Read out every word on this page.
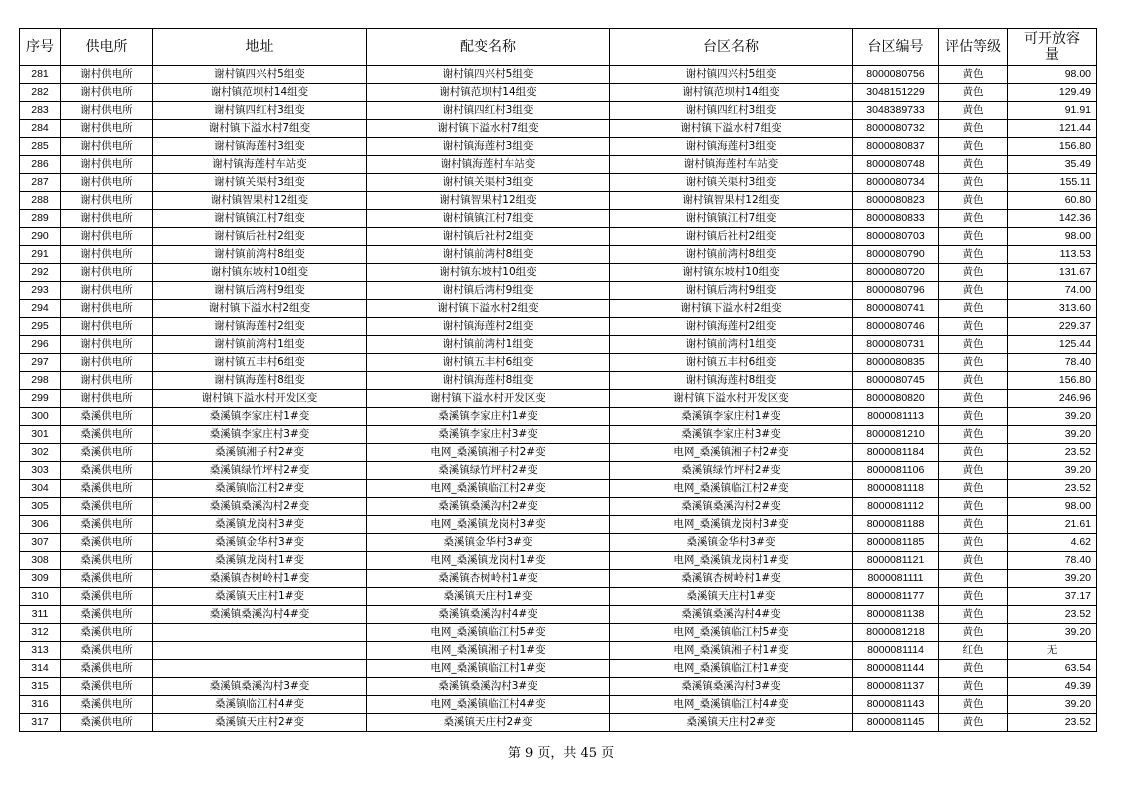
序号	供电所	地址	配变名称	台区名称	台区编号	评估等级	可开放容量
281	谢村供电所	谢村镇四兴村5组变	谢村镇四兴村5组变	谢村镇四兴村5组变	8000080756	黄色	98.00
282	谢村供电所	谢村镇范坝村14组变	谢村镇范坝村14组变	谢村镇范坝村14组变	3048151229	黄色	129.49
283	谢村供电所	谢村镇四红村3组变	谢村镇四红村3组变	谢村镇四红村3组变	3048389733	黄色	91.91
284	谢村供电所	谢村镇下溢水村7组变	谢村镇下溢水村7组变	谢村镇下溢水村7组变	8000080732	黄色	121.44
285	谢村供电所	谢村镇海莲村3组变	谢村镇海莲村3组变	谢村镇海莲村3组变	8000080837	黄色	156.80
286	谢村供电所	谢村镇海莲村车站变	谢村镇海莲村车站变	谢村镇海莲村车站变	8000080748	黄色	35.49
287	谢村供电所	谢村镇关渠村3组变	谢村镇关渠村3组变	谢村镇关渠村3组变	8000080734	黄色	155.11
288	谢村供电所	谢村镇智果村12组变	谢村镇智果村12组变	谢村镇智果村12组变	8000080823	黄色	60.80
289	谢村供电所	谢村镇镇江村7组变	谢村镇镇江村7组变	谢村镇镇江村7组变	8000080833	黄色	142.36
290	谢村供电所	谢村镇后社村2组变	谢村镇后社村2组变	谢村镇后社村2组变	8000080703	黄色	98.00
291	谢村供电所	谢村镇前湾村8组变	谢村镇前湾村8组变	谢村镇前湾村8组变	8000080790	黄色	113.53
292	谢村供电所	谢村镇东坡村10组变	谢村镇东坡村10组变	谢村镇东坡村10组变	8000080720	黄色	131.67
293	谢村供电所	谢村镇后湾村9组变	谢村镇后湾村9组变	谢村镇后湾村9组变	8000080796	黄色	74.00
294	谢村供电所	谢村镇下溢水村2组变	谢村镇下溢水村2组变	谢村镇下溢水村2组变	8000080741	黄色	313.60
295	谢村供电所	谢村镇海莲村2组变	谢村镇海莲村2组变	谢村镇海莲村2组变	8000080746	黄色	229.37
296	谢村供电所	谢村镇前湾村1组变	谢村镇前湾村1组变	谢村镇前湾村1组变	8000080731	黄色	125.44
297	谢村供电所	谢村镇五丰村6组变	谢村镇五丰村6组变	谢村镇五丰村6组变	8000080835	黄色	78.40
298	谢村供电所	谢村镇海莲村8组变	谢村镇海莲村8组变	谢村镇海莲村8组变	8000080745	黄色	156.80
299	谢村供电所	谢村镇下溢水村开发区变	谢村镇下溢水村开发区变	谢村镇下溢水村开发区变	8000080820	黄色	246.96
300	桑溪供电所	桑溪镇李家庄村1#变	桑溪镇李家庄村1#变	桑溪镇李家庄村1#变	8000081113	黄色	39.20
301	桑溪供电所	桑溪镇李家庄村3#变	桑溪镇李家庄村3#变	桑溪镇李家庄村3#变	8000081210	黄色	39.20
302	桑溪供电所	桑溪镇湘子村2#变	电网_桑溪镇湘子村2#变	电网_桑溪镇湘子村2#变	8000081184	黄色	23.52
303	桑溪供电所	桑溪镇绿竹坪村2#变	桑溪镇绿竹坪村2#变	桑溪镇绿竹坪村2#变	8000081106	黄色	39.20
304	桑溪供电所	桑溪镇临江村2#变	电网_桑溪镇临江村2#变	电网_桑溪镇临江村2#变	8000081118	黄色	23.52
305	桑溪供电所	桑溪镇桑溪沟村2#变	桑溪镇桑溪沟村2#变	桑溪镇桑溪沟村2#变	8000081112	黄色	98.00
306	桑溪供电所	桑溪镇龙岗村3#变	电网_桑溪镇龙岗村3#变	电网_桑溪镇龙岗村3#变	8000081188	黄色	21.61
307	桑溪供电所	桑溪镇金华村3#变	桑溪镇金华村3#变	桑溪镇金华村3#变	8000081185	黄色	4.62
308	桑溪供电所	桑溪镇龙岗村1#变	电网_桑溪镇龙岗村1#变	电网_桑溪镇龙岗村1#变	8000081121	黄色	78.40
309	桑溪供电所	桑溪镇杏树岭村1#变	桑溪镇杏树岭村1#变	桑溪镇杏树岭村1#变	8000081111	黄色	39.20
310	桑溪供电所	桑溪镇天庄村1#变	桑溪镇天庄村1#变	桑溪镇天庄村1#变	8000081177	黄色	37.17
311	桑溪供电所	桑溪镇桑溪沟村4#变	桑溪镇桑溪沟村4#变	桑溪镇桑溪沟村4#变	8000081138	黄色	23.52
312	桑溪供电所		电网_桑溪镇临江村5#变	电网_桑溪镇临江村5#变	8000081218	黄色	39.20
313	桑溪供电所		电网_桑溪镇湘子村1#变	电网_桑溪镇湘子村1#变	8000081114	红色	无
314	桑溪供电所		电网_桑溪镇临江村1#变	电网_桑溪镇临江村1#变	8000081144	黄色	63.54
315	桑溪供电所	桑溪镇桑溪沟村3#变	桑溪镇桑溪沟村3#变	桑溪镇桑溪沟村3#变	8000081137	黄色	49.39
316	桑溪供电所	桑溪镇临江村4#变	电网_桑溪镇临江村4#变	电网_桑溪镇临江村4#变	8000081143	黄色	39.20
317	桑溪供电所	桑溪镇天庄村2#变	桑溪镇天庄村2#变	桑溪镇天庄村2#变	8000081145	黄色	23.52
第 9 页，共 45 页
